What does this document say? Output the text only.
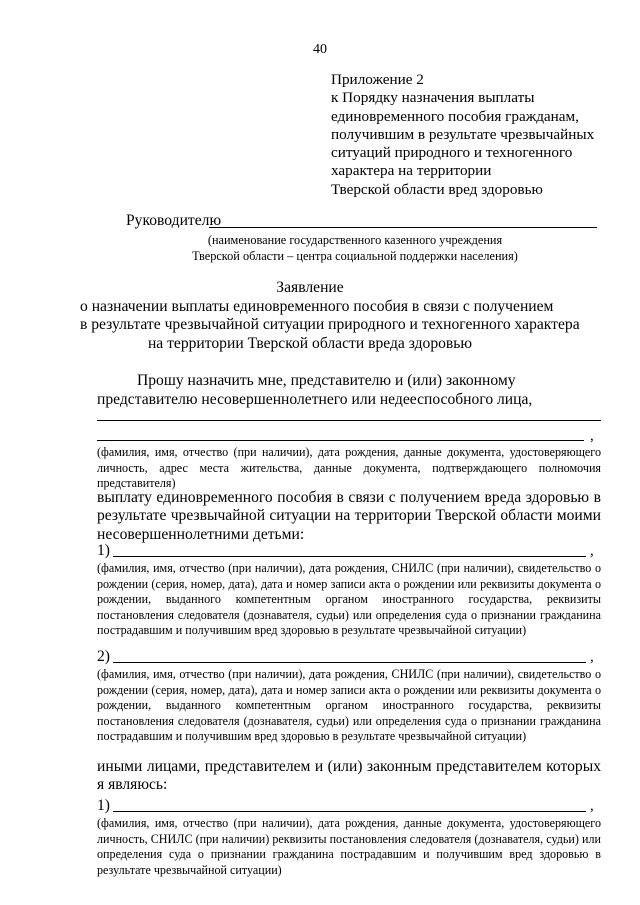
40
Приложение 2
к Порядку назначения выплаты
единовременного пособия гражданам,
получившим в результате чрезвычайных
ситуаций природного и техногенного
характера на территории
Тверской области вред здоровью
Руководителю
(наименование государственного казенного учреждения
Тверской области – центра социальной поддержки населения)
Заявление
о назначении выплаты единовременного пособия в связи с получением
в результате чрезвычайной ситуации природного и техногенного характера
на территории Тверской области вреда здоровью
Прошу назначить мне, представителю и (или) законному
представителю несовершеннолетнего или недееспособного лица,
,
(фамилия, имя, отчество (при наличии), дата рождения, данные документа, удостоверяющего личность, адрес места жительства, данные документа, подтверждающего полномочия представителя)
выплату единовременного пособия в связи с получением вреда здоровью в результате чрезвычайной ситуации на территории Тверской области моими несовершеннолетними детьми:
1)	,
(фамилия, имя, отчество (при наличии), дата рождения, СНИЛС (при наличии), свидетельство о рождении (серия, номер, дата), дата и номер записи акта о рождении или реквизиты документа о рождении, выданного компетентным органом иностранного государства, реквизиты постановления следователя (дознавателя, судьи) или определения суда о признании гражданина пострадавшим и получившим вред здоровью в результате чрезвычайной ситуации)
2)	,
(фамилия, имя, отчество (при наличии), дата рождения, СНИЛС (при наличии), свидетельство о рождении (серия, номер, дата), дата и номер записи акта о рождении или реквизиты документа о рождении, выданного компетентным органом иностранного государства, реквизиты постановления следователя (дознавателя, судьи) или определения суда о признании гражданина пострадавшим и получившим вред здоровью в результате чрезвычайной ситуации)
иными лицами, представителем и (или) законным представителем которых я являюсь:
1)	,
(фамилия, имя, отчество (при наличии), дата рождения, данные документа, удостоверяющего личность, СНИЛС (при наличии) реквизиты постановления следователя (дознавателя, судьи) или определения суда о признании гражданина пострадавшим и получившим вред здоровью в результате чрезвычайной ситуации)
